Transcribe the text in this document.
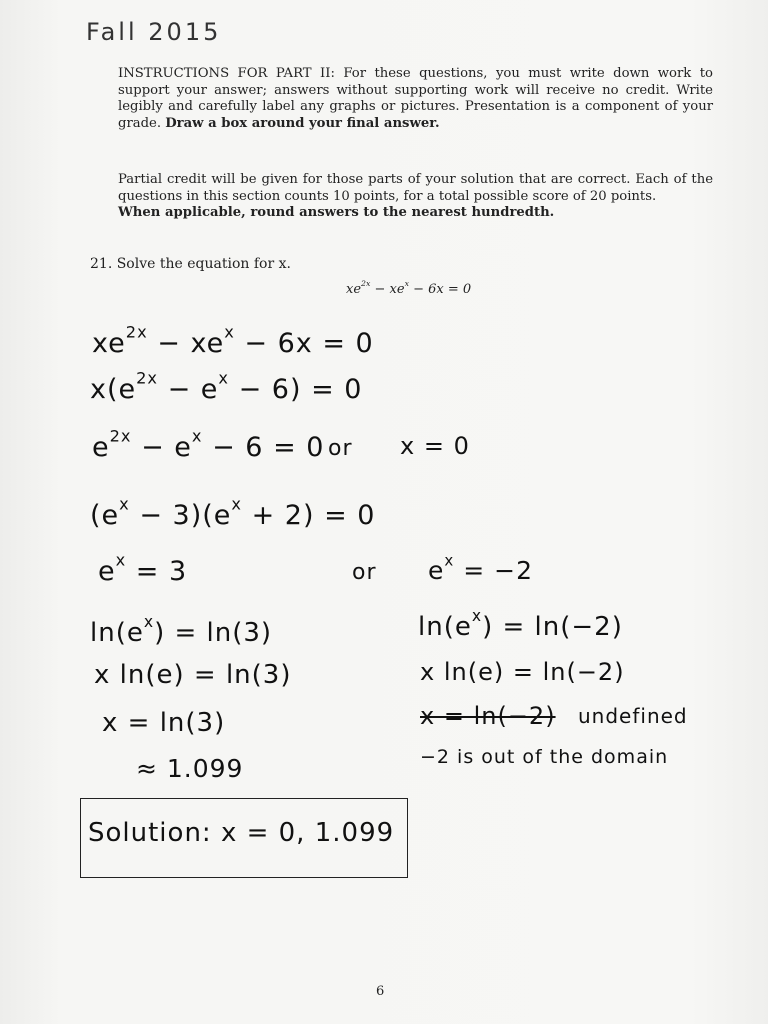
Fall 2015
INSTRUCTIONS FOR PART II: For these questions, you must write down work to support your answer; answers without supporting work will receive no credit. Write legibly and carefully label any graphs or pictures. Presentation is a component of your grade. Draw a box around your final answer.
Partial credit will be given for those parts of your solution that are correct. Each of the questions in this section counts 10 points, for a total possible score of 20 points.
When applicable, round answers to the nearest hundredth.
21. Solve the equation for x.
$xe^{2x} - xe^x - 6x = 0$
$xe^{2x} - xe^x - 6x = 0$
$x(e^{2x} - e^x - 6) = 0$
$e^{2x} - e^x - 6 = 0$ or x = 0
$(e^x - 3)(e^x + 2) = 0$
$e^x = 3$	or $e^x = -2$
$\ln(e^x) = \ln(3)$	$\ln(e^x) = \ln(-2)$
x ln(e) = ln(3)	x ln(e) = ln(−2)
x = ln(3)	x = ln(−2) undefined
≈ 1.099	−2 is out of the domain
Solution: x = 0, 1.099
6
